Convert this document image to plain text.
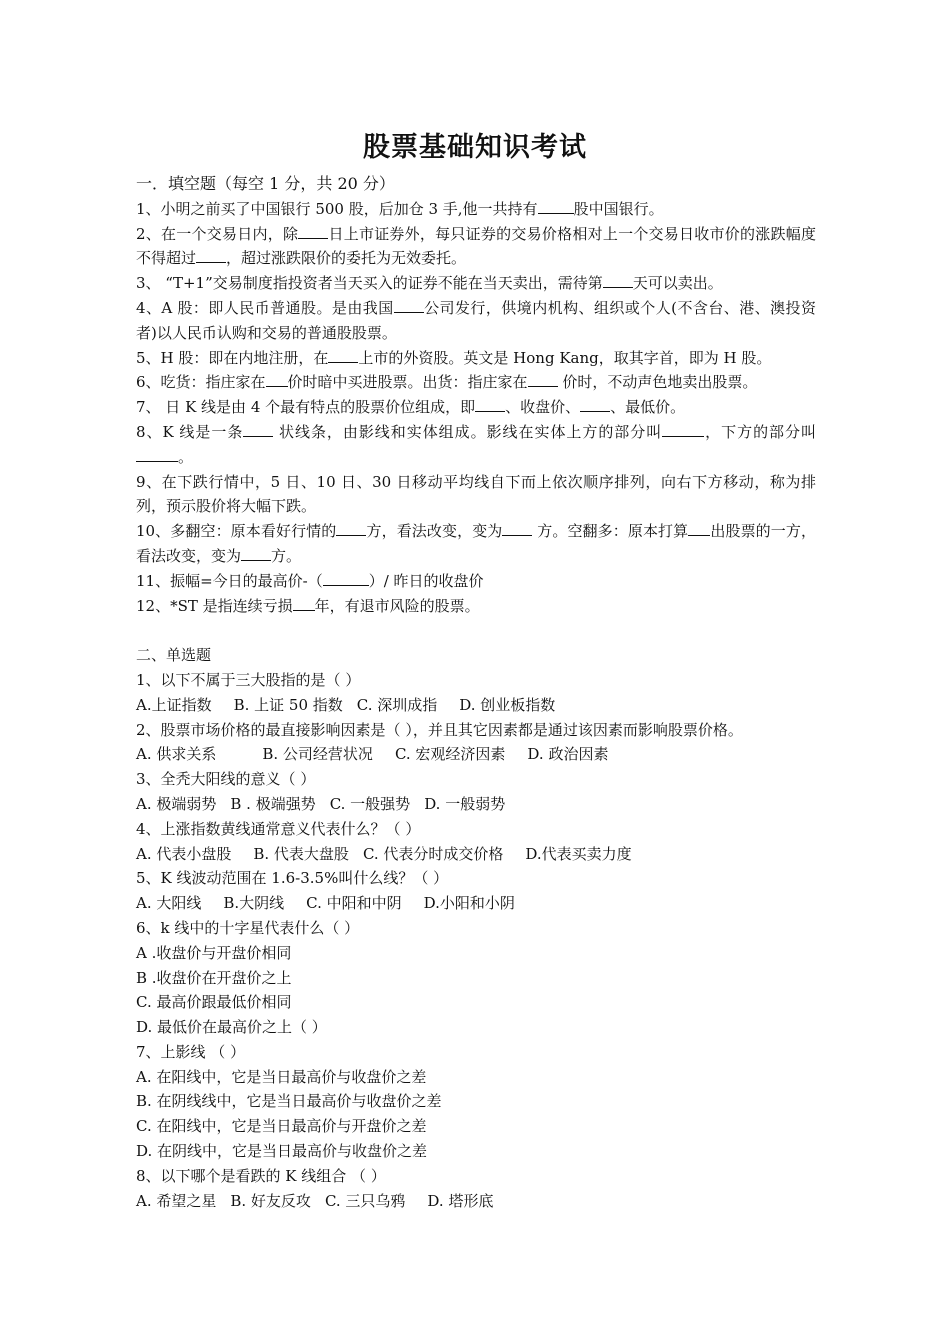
股票基础知识考试
一．填空题（每空 1 分，共 20 分）
1、小明之前买了中国银行 500 股，后加仓 3 手,他一共持有 股中国银行。
2、在一个交易日内，除 日上市证券外，每只证券的交易价格相对上一个交易日收市价的涨跌幅度不得超过 ，超过涨跌限价的委托为无效委托。
3、 “T+1”交易制度指投资者当天买入的证券不能在当天卖出，需待第 天可以卖出。
4、A 股：即人民币普通股。是由我国 公司发行，供境内机构、组织或个人(不含台、港、澳投资者)以人民币认购和交易的普通股股票。
5、H 股：即在内地注册，在 上市的外资股。英文是 Hong Kang，取其字首，即为 H 股。
6、吃货：指庄家在 价时暗中买进股票。出货：指庄家在 价时，不动声色地卖出股票。
7、 日 K 线是由 4 个最有特点的股票价位组成，即 、收盘价、 、最低价。
8、K 线是一条 状线条，由影线和实体组成。影线在实体上方的部分叫	，下方的部分叫。
9、在下跌行情中，5 日、10 日、30 日移动平均线自下而上依次顺序排列，向右下方移动，称为排列，预示股价将大幅下跌。
10、多翻空：原本看好行情的 方，看法改变，变为 方。空翻多：原本打算 出股票的一方，看法改变，变为 方。
11、振幅=今日的最高价-（	）/ 昨日的收盘价
12、*ST 是指连续亏损 年，有退市风险的股票。
二、单选题
1、以下不属于三大股指的是（ ）
A.上证指数 B. 上证 50 指数 C. 深圳成指 D. 创业板指数
2、股票市场价格的最直接影响因素是（ ），并且其它因素都是通过该因素而影响股票价格。
A. 供求关系	B. 公司经营状况 C. 宏观经济因素 D. 政治因素
3、全秃大阳线的意义（ ）
A. 极端弱势 B . 极端强势 C. 一般强势 D. 一般弱势
4、上涨指数黄线通常意义代表什么？（ ）
A. 代表小盘股 B. 代表大盘股 C. 代表分时成交价格 D.代表买卖力度
5、K 线波动范围在 1.6-3.5%叫什么线？（ ）
A. 大阳线 B.大阴线 C. 中阳和中阴 D.小阳和小阴
6、k 线中的十字星代表什么（ ）
A .收盘价与开盘价相同
B .收盘价在开盘价之上
C. 最高价跟最低价相同
D. 最低价在最高价之上（ ）
7、上影线 （ ）
A. 在阳线中，它是当日最高价与收盘价之差
B. 在阴线线中，它是当日最高价与收盘价之差
C. 在阳线中，它是当日最高价与开盘价之差
D. 在阴线中，它是当日最高价与收盘价之差
8、以下哪个是看跌的 K 线组合 （ ）
A. 希望之星 B. 好友反攻 C. 三只乌鸦 D. 塔形底
